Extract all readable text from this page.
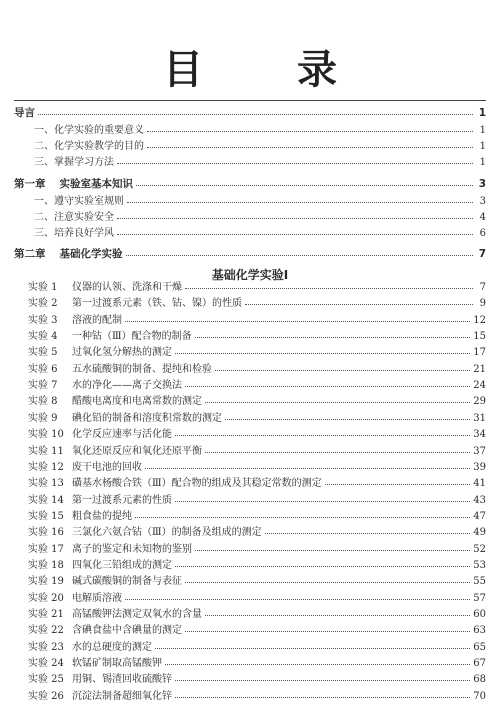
目 录
导言	1
一、化学实验的重要意义	1
二、化学实验教学的目的	1
三、掌握学习方法	1
第一章 实验室基本知识	3
一、遵守实验室规则	3
二、注意实验安全	4
三、培养良好学风	6
第二章 基础化学实验	7
基础化学实验Ⅰ
实验 1 仪器的认领、洗涤和干燥	7
实验 2 第一过渡系元素（铁、钴、镍）的性质	9
实验 3 溶液的配制	12
实验 4 一种钴（Ⅲ）配合物的制备	15
实验 5 过氧化氢分解热的测定	17
实验 6 五水硫酸铜的制备、提纯和检验	21
实验 7 水的净化——离子交换法	24
实验 8 醋酸电离度和电离常数的测定	29
实验 9 碘化铅的制备和溶度积常数的测定	31
实验 10 化学反应速率与活化能	34
实验 11 氧化还原反应和氧化还原平衡	37
实验 12 废干电池的回收	39
实验 13 磺基水杨酸合铁（Ⅲ）配合物的组成及其稳定常数的测定	41
实验 14 第一过渡系元素的性质	43
实验 15 粗食盐的提纯	47
实验 16 三氯化六氨合钴（Ⅲ）的制备及组成的测定	49
实验 17 离子的鉴定和未知物的鉴别	52
实验 18 四氧化三铅组成的测定	53
实验 19 碱式碳酸铜的制备与表征	55
实验 20 电解质溶液	57
实验 21 高锰酸钾法测定双氧水的含量	60
实验 22 含碘食盐中含碘量的测定	63
实验 23 水的总硬度的测定	65
实验 24 软锰矿制取高锰酸钾	67
实验 25 用铜、锡渣回收硫酸锌	68
实验 26 沉淀法制备超细氧化锌	70
